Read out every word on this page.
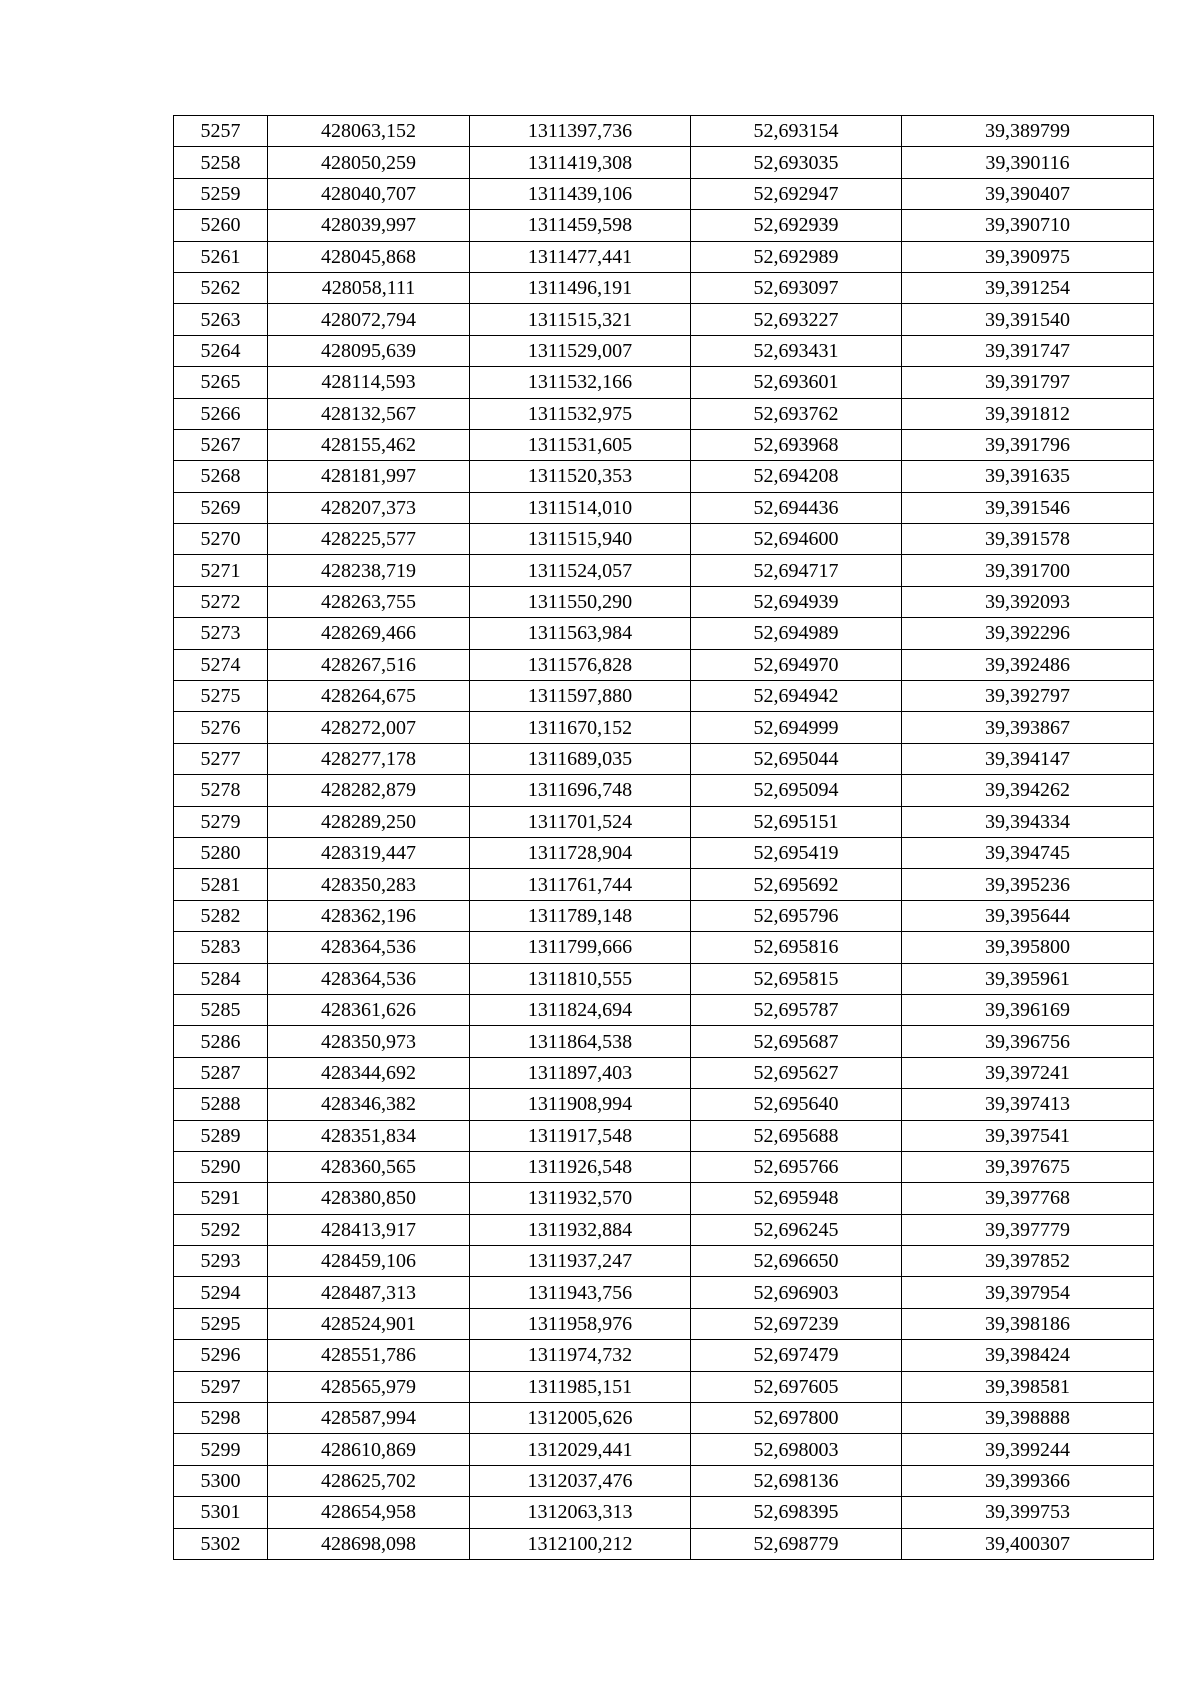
5257	428063,152	1311397,736	52,693154	39,389799
5258	428050,259	1311419,308	52,693035	39,390116
5259	428040,707	1311439,106	52,692947	39,390407
5260	428039,997	1311459,598	52,692939	39,390710
5261	428045,868	1311477,441	52,692989	39,390975
5262	428058,111	1311496,191	52,693097	39,391254
5263	428072,794	1311515,321	52,693227	39,391540
5264	428095,639	1311529,007	52,693431	39,391747
5265	428114,593	1311532,166	52,693601	39,391797
5266	428132,567	1311532,975	52,693762	39,391812
5267	428155,462	1311531,605	52,693968	39,391796
5268	428181,997	1311520,353	52,694208	39,391635
5269	428207,373	1311514,010	52,694436	39,391546
5270	428225,577	1311515,940	52,694600	39,391578
5271	428238,719	1311524,057	52,694717	39,391700
5272	428263,755	1311550,290	52,694939	39,392093
5273	428269,466	1311563,984	52,694989	39,392296
5274	428267,516	1311576,828	52,694970	39,392486
5275	428264,675	1311597,880	52,694942	39,392797
5276	428272,007	1311670,152	52,694999	39,393867
5277	428277,178	1311689,035	52,695044	39,394147
5278	428282,879	1311696,748	52,695094	39,394262
5279	428289,250	1311701,524	52,695151	39,394334
5280	428319,447	1311728,904	52,695419	39,394745
5281	428350,283	1311761,744	52,695692	39,395236
5282	428362,196	1311789,148	52,695796	39,395644
5283	428364,536	1311799,666	52,695816	39,395800
5284	428364,536	1311810,555	52,695815	39,395961
5285	428361,626	1311824,694	52,695787	39,396169
5286	428350,973	1311864,538	52,695687	39,396756
5287	428344,692	1311897,403	52,695627	39,397241
5288	428346,382	1311908,994	52,695640	39,397413
5289	428351,834	1311917,548	52,695688	39,397541
5290	428360,565	1311926,548	52,695766	39,397675
5291	428380,850	1311932,570	52,695948	39,397768
5292	428413,917	1311932,884	52,696245	39,397779
5293	428459,106	1311937,247	52,696650	39,397852
5294	428487,313	1311943,756	52,696903	39,397954
5295	428524,901	1311958,976	52,697239	39,398186
5296	428551,786	1311974,732	52,697479	39,398424
5297	428565,979	1311985,151	52,697605	39,398581
5298	428587,994	1312005,626	52,697800	39,398888
5299	428610,869	1312029,441	52,698003	39,399244
5300	428625,702	1312037,476	52,698136	39,399366
5301	428654,958	1312063,313	52,698395	39,399753
5302	428698,098	1312100,212	52,698779	39,400307
